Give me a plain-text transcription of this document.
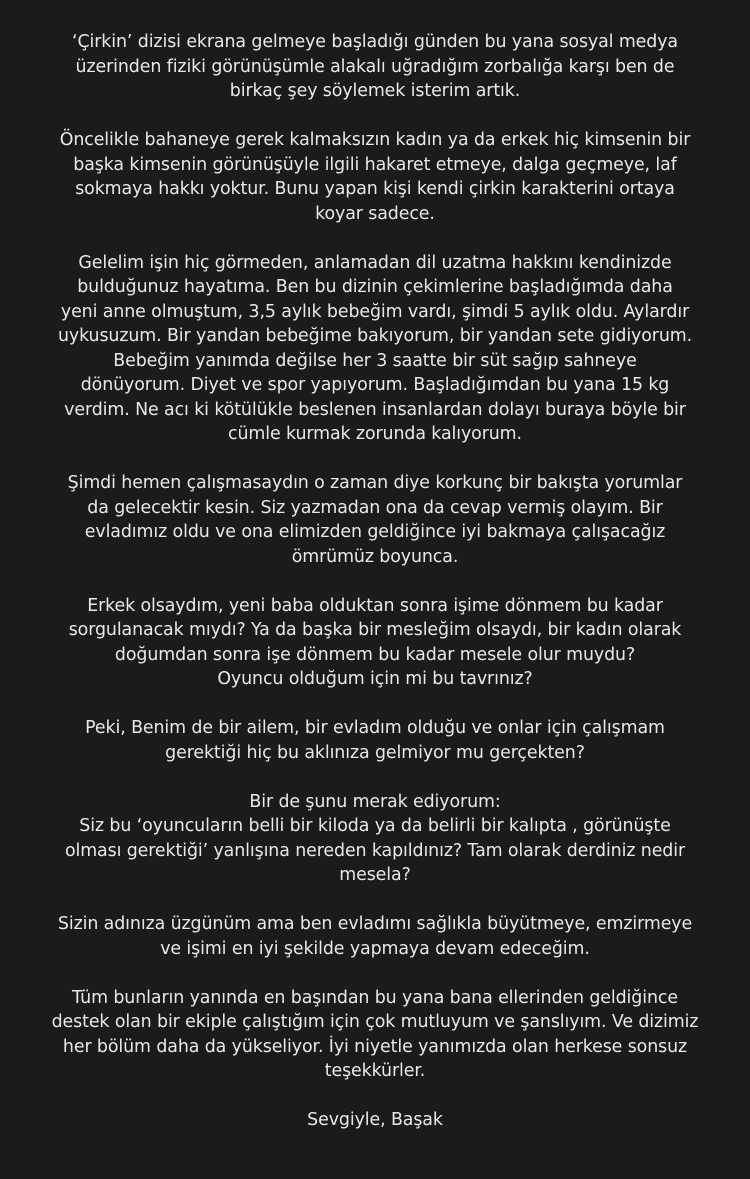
‘Çirkin’ dizisi ekrana gelmeye başladığı günden bu yana sosyal medya
üzerinden fiziki görünüşümle alakalı uğradığım zorbalığa karşı ben de
birkaç şey söylemek isterim artık.

Öncelikle bahaneye gerek kalmaksızın kadın ya da erkek hiç kimsenin bir
başka kimsenin görünüşüyle ilgili hakaret etmeye, dalga geçmeye, laf
sokmaya hakkı yoktur. Bunu yapan kişi kendi çirkin karakterini ortaya
koyar sadece.

Gelelim işin hiç görmeden, anlamadan dil uzatma hakkını kendinizde
bulduğunuz hayatıma. Ben bu dizinin çekimlerine başladığımda daha
yeni anne olmuştum, 3,5 aylık bebeğim vardı, şimdi 5 aylık oldu. Aylardır
uykusuzum. Bir yandan bebeğime bakıyorum, bir yandan sete gidiyorum.
Bebeğim yanımda değilse her 3 saatte bir süt sağıp sahneye
dönüyorum. Diyet ve spor yapıyorum. Başladığımdan bu yana 15 kg
verdim. Ne acı ki kötülükle beslenen insanlardan dolayı buraya böyle bir
cümle kurmak zorunda kalıyorum.

Şimdi hemen çalışmasaydın o zaman diye korkunç bir bakışta yorumlar
da gelecektir kesin. Siz yazmadan ona da cevap vermiş olayım. Bir
evladımız oldu ve ona elimizden geldiğince iyi bakmaya çalışacağız
ömrümüz boyunca.

Erkek olsaydım, yeni baba olduktan sonra işime dönmem bu kadar
sorgulanacak mıydı? Ya da başka bir mesleğim olsaydı, bir kadın olarak
doğumdan sonra işe dönmem bu kadar mesele olur muydu?
Oyuncu olduğum için mi bu tavrınız?

Peki, Benim de bir ailem, bir evladım olduğu ve onlar için çalışmam
gerektiği hiç bu aklınıza gelmiyor mu gerçekten?

Bir de şunu merak ediyorum:
Siz bu ‘oyuncuların belli bir kiloda ya da belirli bir kalıpta , görünüşte
olması gerektiği’ yanlışına nereden kapıldınız? Tam olarak derdiniz nedir
mesela?

Sizin adınıza üzgünüm ama ben evladımı sağlıkla büyütmeye, emzirmeye
ve işimi en iyi şekilde yapmaya devam edeceğim.

Tüm bunların yanında en başından bu yana bana ellerinden geldiğince
destek olan bir ekiple çalıştığım için çok mutluyum ve şanslıyım. Ve dizimiz
her bölüm daha da yükseliyor. İyi niyetle yanımızda olan herkese sonsuz
teşekkürler.

Sevgiyle, Başak
